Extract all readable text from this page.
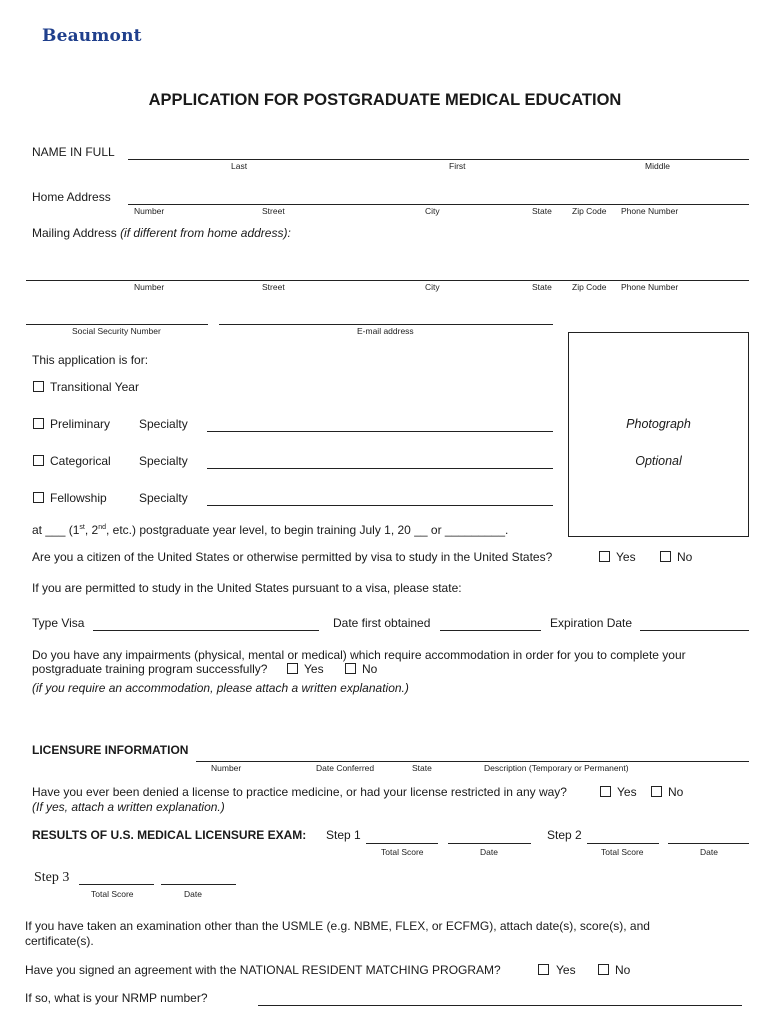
Beaumont
APPLICATION FOR POSTGRADUATE MEDICAL EDUCATION
NAME IN FULL
Last	First	Middle
Home Address
Number	Street	City	State Zip Code Phone Number
Mailing Address (if different from home address):
Number	Street	City	State Zip Code Phone Number
Social Security Number	E-mail address
Photograph
Optional
This application is for:
Transitional Year
Preliminary Specialty
Categorical Specialty
Fellowship	Specialty
at ___ (1st, 2nd, etc.) postgraduate year level, to begin training July 1, 20 __ or _________.
Are you a citizen of the United States or otherwise permitted by visa to study in the United States?	Yes	No
If you are permitted to study in the United States pursuant to a visa, please state:
Type Visa	Date first obtained	Expiration Date
Do you have any impairments (physical, mental or medical) which require accommodation in order for you to complete your
postgraduate training program successfully?	Yes	No
(if you require an accommodation, please attach a written explanation.)
LICENSURE INFORMATION
Number	Date Conferred	State	Description (Temporary or Permanent)
Have you ever been denied a license to practice medicine, or had your license restricted in any way?	Yes	No
(If yes, attach a written explanation.)
RESULTS OF U.S. MEDICAL LICENSURE EXAM: Step 1
Total Score	Date
Step 2
Total Score	Date
Step 3
Total Score	Date
If you have taken an examination other than the USMLE (e.g. NBME, FLEX, or ECFMG), attach date(s), score(s), and
certificate(s).
Have you signed an agreement with the NATIONAL RESIDENT MATCHING PROGRAM?	Yes	No
If so, what is your NRMP number?
